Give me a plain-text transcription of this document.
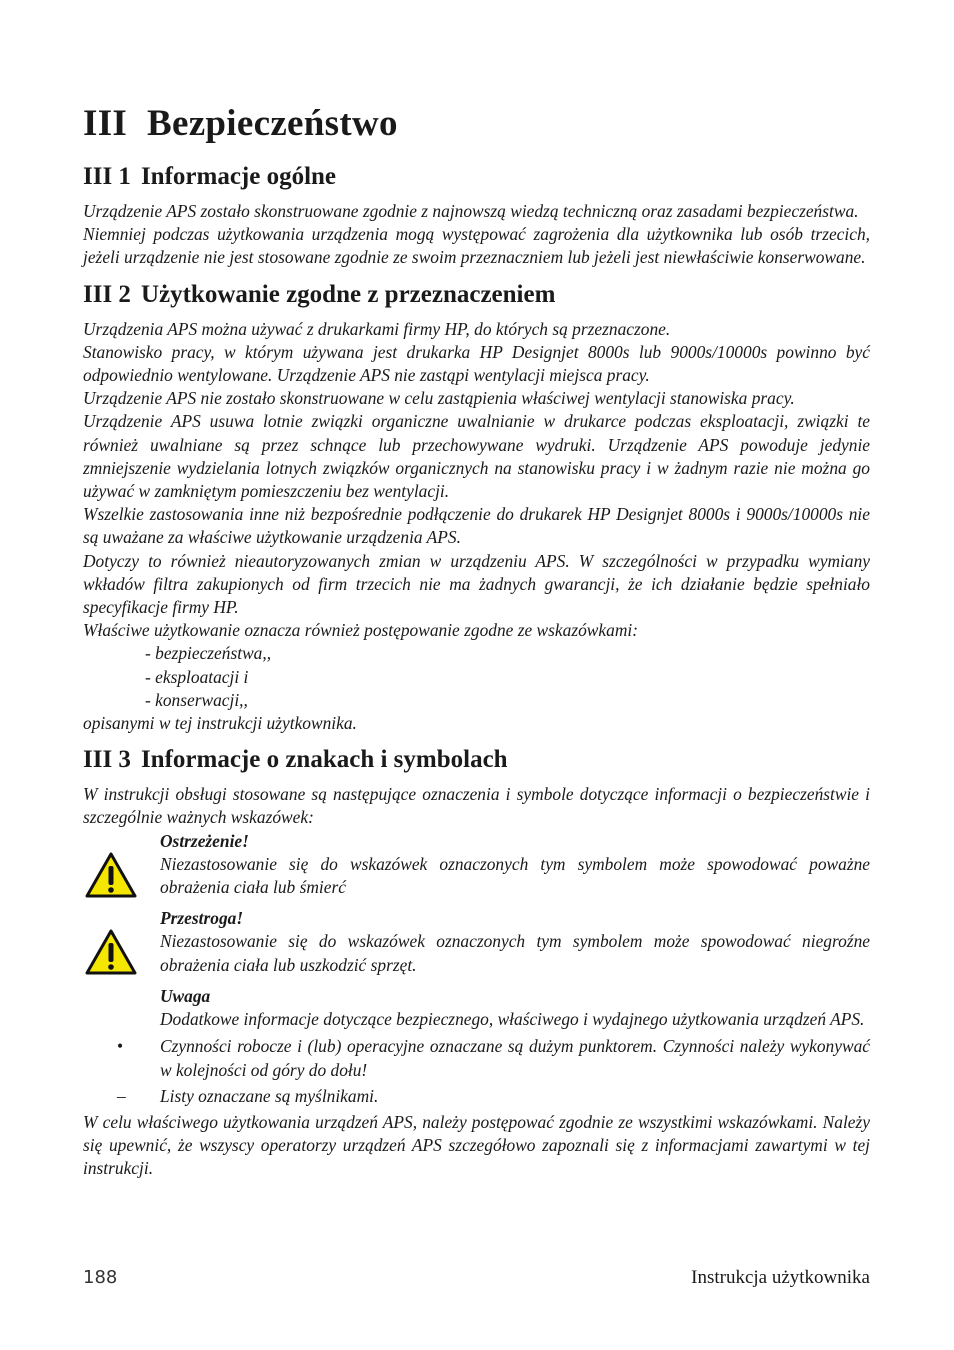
III Bezpieczeństwo
III 1 Informacje ogólne

Urządzenie APS zostało skonstruowane zgodnie z najnowszą wiedzą techniczną oraz zasadami bezpieczeństwa.

Niemniej podczas użytkowania urządzenia mogą występować zagrożenia dla użytkownika lub osób trzecich, jeżeli urządzenie nie jest stosowane zgodnie ze swoim przeznaczniem lub jeżeli jest niewłaściwie konserwowane.

III 2 Użytkowanie zgodne z przeznaczeniem

Urządzenia APS można używać z drukarkami firmy HP, do których są przeznaczone.

Stanowisko pracy, w którym używana jest drukarka HP Designjet 8000s lub 9000s/10000s powinno być odpowiednio wentylowane. Urządzenie APS nie zastąpi wentylacji miejsca pracy.

Urządzenie APS nie zostało skonstruowane w celu zastąpienia właściwej wentylacji stanowiska pracy.

Urządzenie APS usuwa lotnie związki organiczne uwalnianie w drukarce podczas eksploatacji, związki te również uwalniane są przez schnące lub przechowywane wydruki. Urządzenie APS powoduje jedynie zmniejszenie wydzielania lotnych związków organicznych na stanowisku pracy i w żadnym razie nie można go używać w zamkniętym pomieszczeniu bez wentylacji.

Wszelkie zastosowania inne niż bezpośrednie podłączenie do drukarek HP Designjet 8000s i 9000s/10000s nie są uważane za właściwe użytkowanie urządzenia APS.

Dotyczy to również nieautoryzowanych zmian w urządzeniu APS. W szczególności w przypadku wymiany wkładów filtra zakupionych od firm trzecich nie ma żadnych gwarancji, że ich działanie będzie spełniało specyfikacje firmy HP.

Właściwe użytkowanie oznacza również postępowanie zgodne ze wskazówkami:

- bezpieczeństwa,,

- eksploatacji i

- konserwacji,,

opisanymi w tej instrukcji użytkownika.

III 3 Informacje o znakach i symbolach

W instrukcji obsługi stosowane są następujące oznaczenia i symbole dotyczące informacji o bezpieczeństwie i szczególnie ważnych wskazówek:

Ostrzeżenie!

Niezastosowanie się do wskazówek oznaczonych tym symbolem może spowodować poważne obrażenia ciała lub śmierć

Przestroga!

Niezastosowanie się do wskazówek oznaczonych tym symbolem może spowodować niegroźne obrażenia ciała lub uszkodzić sprzęt.

Uwaga

Dodatkowe informacje dotyczące bezpiecznego, właściwego i wydajnego użytkowania urządzeń APS.

• Czynności robocze i (lub) operacyjne oznaczane są dużym punktorem. Czynności należy wykonywać w kolejności od góry do dołu!

– Listy oznaczane są myślnikami.

W celu właściwego użytkowania urządzeń APS, należy postępować zgodnie ze wszystkimi wskazówkami. Należy się upewnić, że wszyscy operatorzy urządzeń APS szczegółowo zapoznali się z informacjami zawartymi w tej instrukcji.

188	Instrukcja użytkownika
